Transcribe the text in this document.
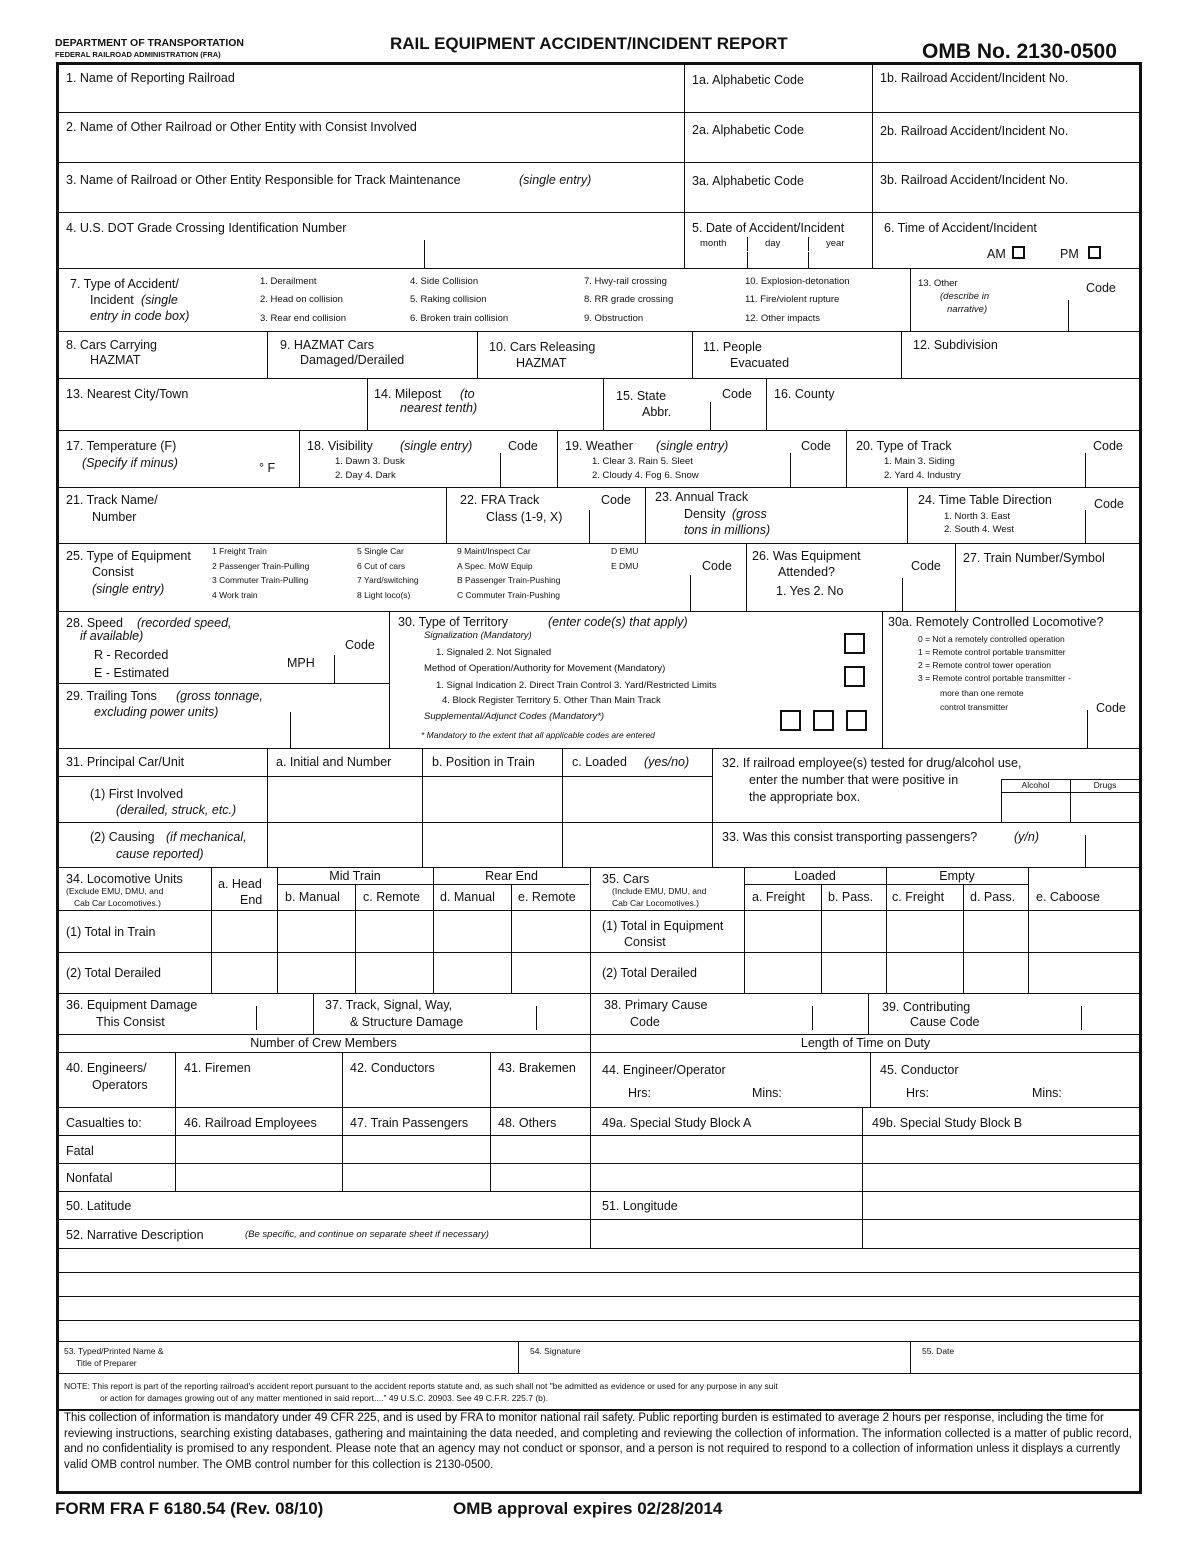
DEPARTMENT OF TRANSPORTATION
FEDERAL RAILROAD ADMINISTRATION (FRA)
RAIL EQUIPMENT ACCIDENT/INCIDENT REPORT	OMB No. 2130-0500
1. Name of Reporting Railroad	1a. Alphabetic Code	1b. Railroad Accident/Incident No.
2. Name of Other Railroad or Other Entity with Consist Involved	2a. Alphabetic Code	2b. Railroad Accident/Incident No.
3. Name of Railroad or Other Entity Responsible for Track Maintenance	(single entry)	3a. Alphabetic Code	3b. Railroad Accident/Incident No.
4. U.S. DOT Grade Crossing Identification Number	5. Date of Accident/Incident
month	day	year
6. Time of Accident/Incident
AM	PM
7. Type of Accident/
Incident (single
entry in code box)
1. Derailment
2. Head on collision
3. Rear end collision
4. Side Collision
5. Raking collision
6. Broken train collision
7. Hwy-rail crossing
8. RR grade crossing
9. Obstruction
10. Explosion-detonation
11. Fire/violent rupture
12. Other impacts
13. Other
(describe in
narrative)
Code
8. Cars Carrying
HAZMAT
9. HAZMAT Cars
Damaged/Derailed
10. Cars Releasing
HAZMAT
11. People
Evacuated
12. Subdivision
13. Nearest City/Town	14. Milepost (to
nearest tenth)
15. State
Abbr.
Code 16. County
17. Temperature (F)
(Specify if minus)	° F
18. Visibility (single entry)
1. Dawn 3. Dusk
2. Day 4. Dark
Code 19. Weather (single entry)
1. Clear 3. Rain 5. Sleet
2. Cloudy 4. Fog 6. Snow
Code 20. Type of Track
1. Main 3. Siding
2. Yard 4. Industry
Code
21. Track Name/
Number
22. FRA Track
Class (1-9, X)
Code 23. Annual Track
Density (gross
tons in millions)
24. Time Table Direction
1. North 3. East
2. South 4. West
Code
25. Type of Equipment
Consist
(single entry)
1 Freight Train
2 Passenger Train-Pulling
3 Commuter Train-Pulling
4 Work train
5 Single Car
6 Cut of cars
7 Yard/switching
8 Light loco(s)
9 Maint/Inspect Car
A Spec. MoW Equip
B Passenger Train-Pushing
C Commuter Train-Pushing
D EMU
E DMU	Code
26. Was Equipment
Attended?
1. Yes 2. No
Code
27. Train Number/Symbol
28. Speed (recorded speed,
if available)
R - Recorded
E - Estimated
MPH
Code
29. Trailing Tons (gross tonnage,
excluding power units)
30. Type of Territory	(enter code(s) that apply)
Signalization (Mandatory)
1. Signaled 2. Not Signaled
Method of Operation/Authority for Movement (Mandatory)
1. Signal Indication 2. Direct Train Control 3. Yard/Restricted Limits
4. Block Register Territory 5. Other Than Main Track
Supplemental/Adjunct Codes (Mandatory*)
* Mandatory to the extent that all applicable codes are entered
30a. Remotely Controlled Locomotive?
0 = Not a remotely controlled operation
1 = Remote control portable transmitter
2 = Remote control tower operation
3 = Remote control portable transmitter -
more than one remote
control transmitter	Code
31. Principal Car/Unit	a. Initial and Number	b. Position in Train	c. Loaded (yes/no)
(1) First Involved
(derailed, struck, etc.)
(2) Causing (if mechanical,
cause reported)
32. If railroad employee(s) tested for drug/alcohol use,
enter the number that were positive in
the appropriate box.
Alcohol	Drugs
33. Was this consist transporting passengers?	(y/n)
34. Locomotive Units
(Exclude EMU, DMU, and
Cab Car Locomotives.)
a. Head
End
Mid Train	Rear End
b. Manual c. Remote d. Manual e. Remote
(1) Total in Train
(2) Total Derailed
35. Cars
(Include EMU, DMU, and
Cab Car Locomotives.)
Loaded	Empty
a. Freight b. Pass. c. Freight d. Pass. e. Caboose
(1) Total in Equipment
Consist
(2) Total Derailed
36. Equipment Damage
This Consist
37. Track, Signal, Way,
& Structure Damage
38. Primary Cause
Code
39. Contributing
Cause Code
Number of Crew Members	Length of Time on Duty
40. Engineers/
Operators
41. Firemen	42. Conductors	43. Brakemen 44. Engineer/Operator
Hrs:	Mins:
45. Conductor
Hrs:	Mins:
Casualties to:	46. Railroad Employees	47. Train Passengers 48. Others	49a. Special Study Block A	49b. Special Study Block B
Fatal
Nonfatal
50. Latitude	51. Longitude
52. Narrative Description	(Be specific, and continue on separate sheet if necessary)
53. Typed/Printed Name &
Title of Preparer
54. Signature	55. Date
NOTE: This report is part of the reporting railroad's accident report pursuant to the accident reports statute and, as such shall not "be admitted as evidence or used for any purpose in any suit
or action for damages growing out of any matter mentioned in said report...." 49 U.S.C. 20903. See 49 C.F.R. 225.7 (b).
This collection of information is mandatory under 49 CFR 225, and is used by FRA to monitor national rail safety. Public reporting burden is estimated to average 2 hours per response, including the time for reviewing instructions, searching existing databases, gathering and maintaining the data needed, and completing and reviewing the collection of information. The information collected is a matter of public record, and no confidentiality is promised to any respondent. Please note that an agency may not conduct or sponsor, and a person is not required to respond to a collection of information unless it displays a currently valid OMB control number. The OMB control number for this collection is 2130-0500.
FORM FRA F 6180.54 (Rev. 08/10)	OMB approval expires 02/28/2014
